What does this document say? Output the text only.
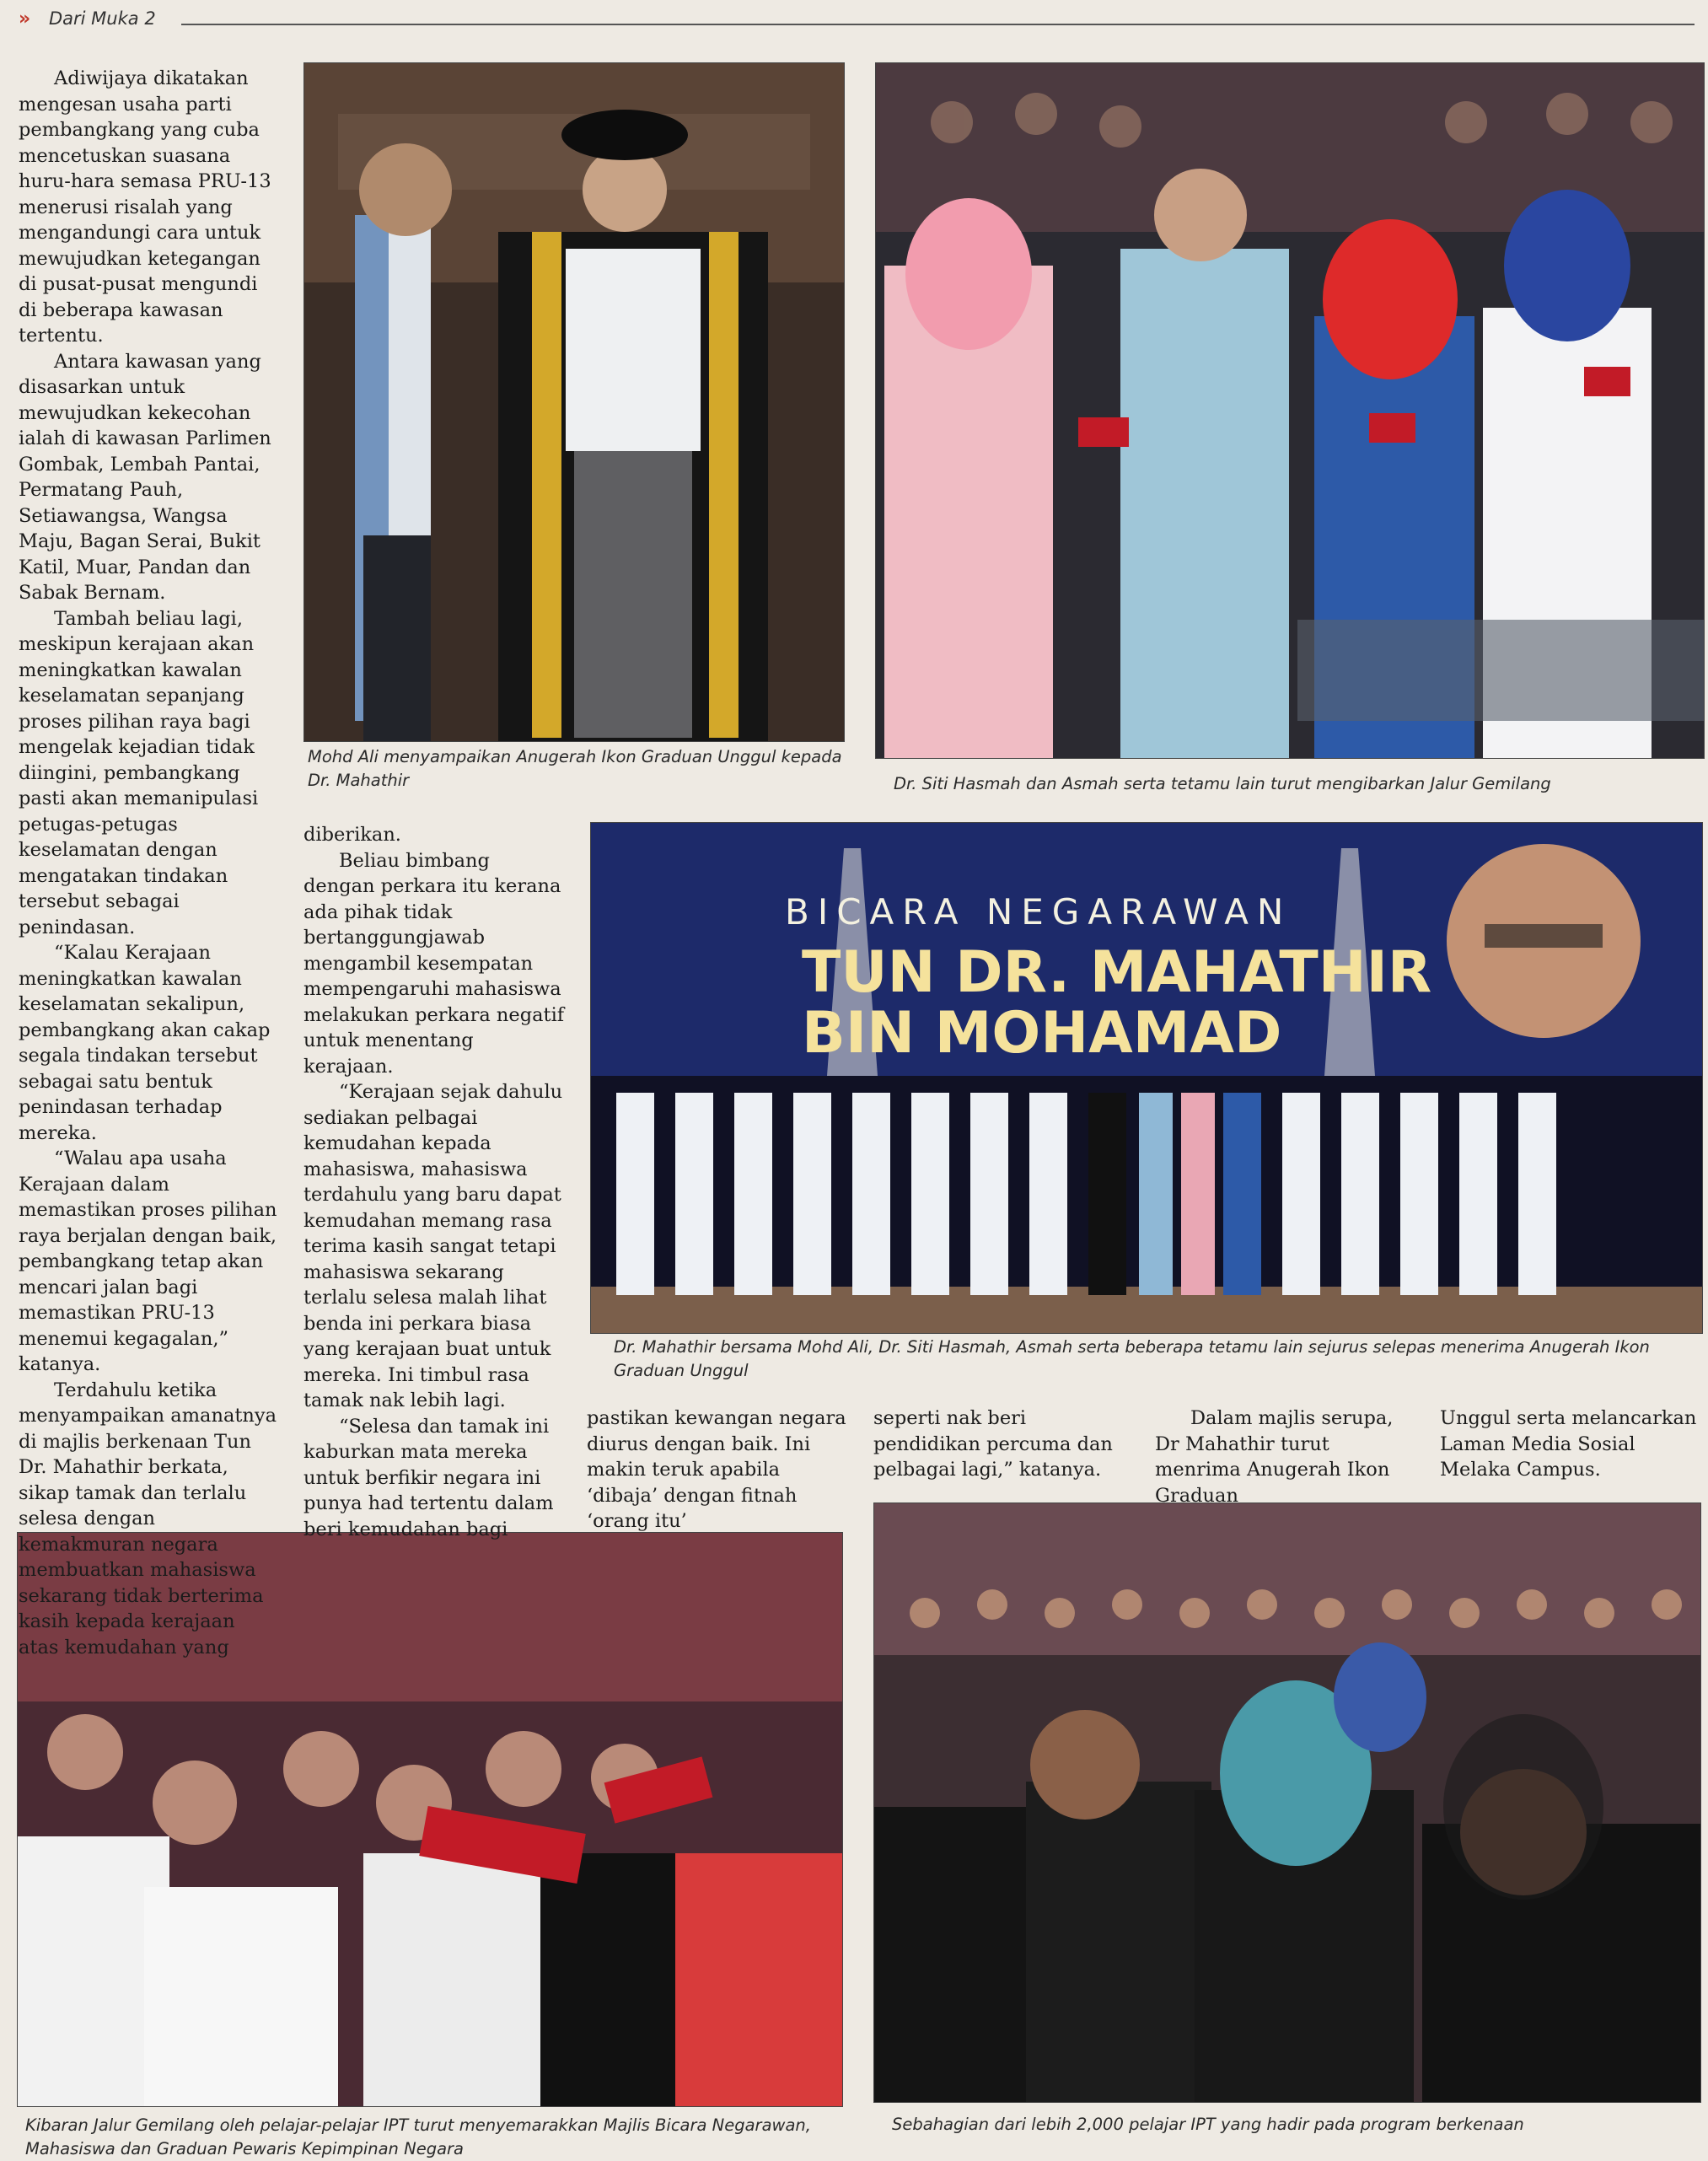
» Dari Muka 2
Mohd Ali menyampaikan Anugerah Ikon Graduan Unggul kepada
Dr. Mahathir	Dr. Siti Hasmah dan Asmah serta tetamu lain turut mengibarkan Jalur Gemilang
BICARA NEGARAWAN
TUN DR. MAHATHIR
BIN MOHAMAD
Dr. Mahathir bersama Mohd Ali, Dr. Siti Hasmah, Asmah serta beberapa tetamu lain sejurus selepas menerima Anugerah Ikon
Graduan Unggul
Kibaran Jalur Gemilang oleh pelajar-pelajar IPT turut menyemarakkan Majlis Bicara Negarawan,
Mahasiswa dan Graduan Pewaris Kepimpinan Negara
Sebahagian dari lebih 2,000 pelajar IPT yang hadir pada program berkenaan

Adiwijaya dikatakan mengesan usaha parti pembangkang yang cuba mencetuskan suasana huru-hara semasa PRU-13 menerusi risalah yang mengandungi cara untuk mewujudkan ketegangan di pusat-pusat mengundi di beberapa kawasan tertentu.

Antara kawasan yang disasarkan untuk mewujudkan kekecohan ialah di kawasan Parlimen Gombak, Lembah Pantai, Permatang Pauh, Setiawangsa, Wangsa Maju, Bagan Serai, Bukit Katil, Muar, Pandan dan Sabak Bernam.

Tambah beliau lagi, meskipun kerajaan akan meningkatkan kawalan keselamatan sepanjang proses pilihan raya bagi mengelak kejadian tidak diingini, pembangkang pasti akan memanipulasi petugas-petugas keselamatan dengan mengatakan tindakan tersebut sebagai penindasan.

“Kalau Kerajaan meningkatkan kawalan keselamatan sekalipun, pembangkang akan cakap segala tindakan tersebut sebagai satu bentuk penindasan terhadap mereka.

“Walau apa usaha Kerajaan dalam memastikan proses pilihan raya berjalan dengan baik, pembangkang tetap akan mencari jalan bagi memastikan PRU-13 menemui kegagalan,” katanya.

Terdahulu ketika menyampaikan amanatnya di majlis berkenaan Tun Dr. Mahathir berkata, sikap tamak dan terlalu selesa dengan kemakmuran negara membuatkan mahasiswa sekarang tidak berterima kasih kepada kerajaan atas kemudahan yang

diberikan.

Beliau bimbang dengan perkara itu kerana ada pihak tidak bertanggungjawab mengambil kesempatan mempengaruhi mahasiswa melakukan perkara negatif untuk menentang kerajaan.

“Kerajaan sejak dahulu sediakan pelbagai kemudahan kepada mahasiswa, mahasiswa terdahulu yang baru dapat kemudahan memang rasa terima kasih sangat tetapi mahasiswa sekarang terlalu selesa malah lihat benda ini perkara biasa yang kerajaan buat untuk mereka. Ini timbul rasa tamak nak lebih lagi.

“Selesa dan tamak ini kaburkan mata mereka untuk berfikir negara ini punya had tertentu dalam beri kemudahan bagi

pastikan kewangan negara diurus dengan baik. Ini makin teruk apabila ‘dibaja’ dengan fitnah ‘orang itu’

seperti nak beri pendidikan percuma dan pelbagai lagi,” katanya.

Dalam majlis serupa, Dr Mahathir turut menrima Anugerah Ikon Graduan

Unggul serta melancarkan Laman Media Sosial Melaka Campus.
